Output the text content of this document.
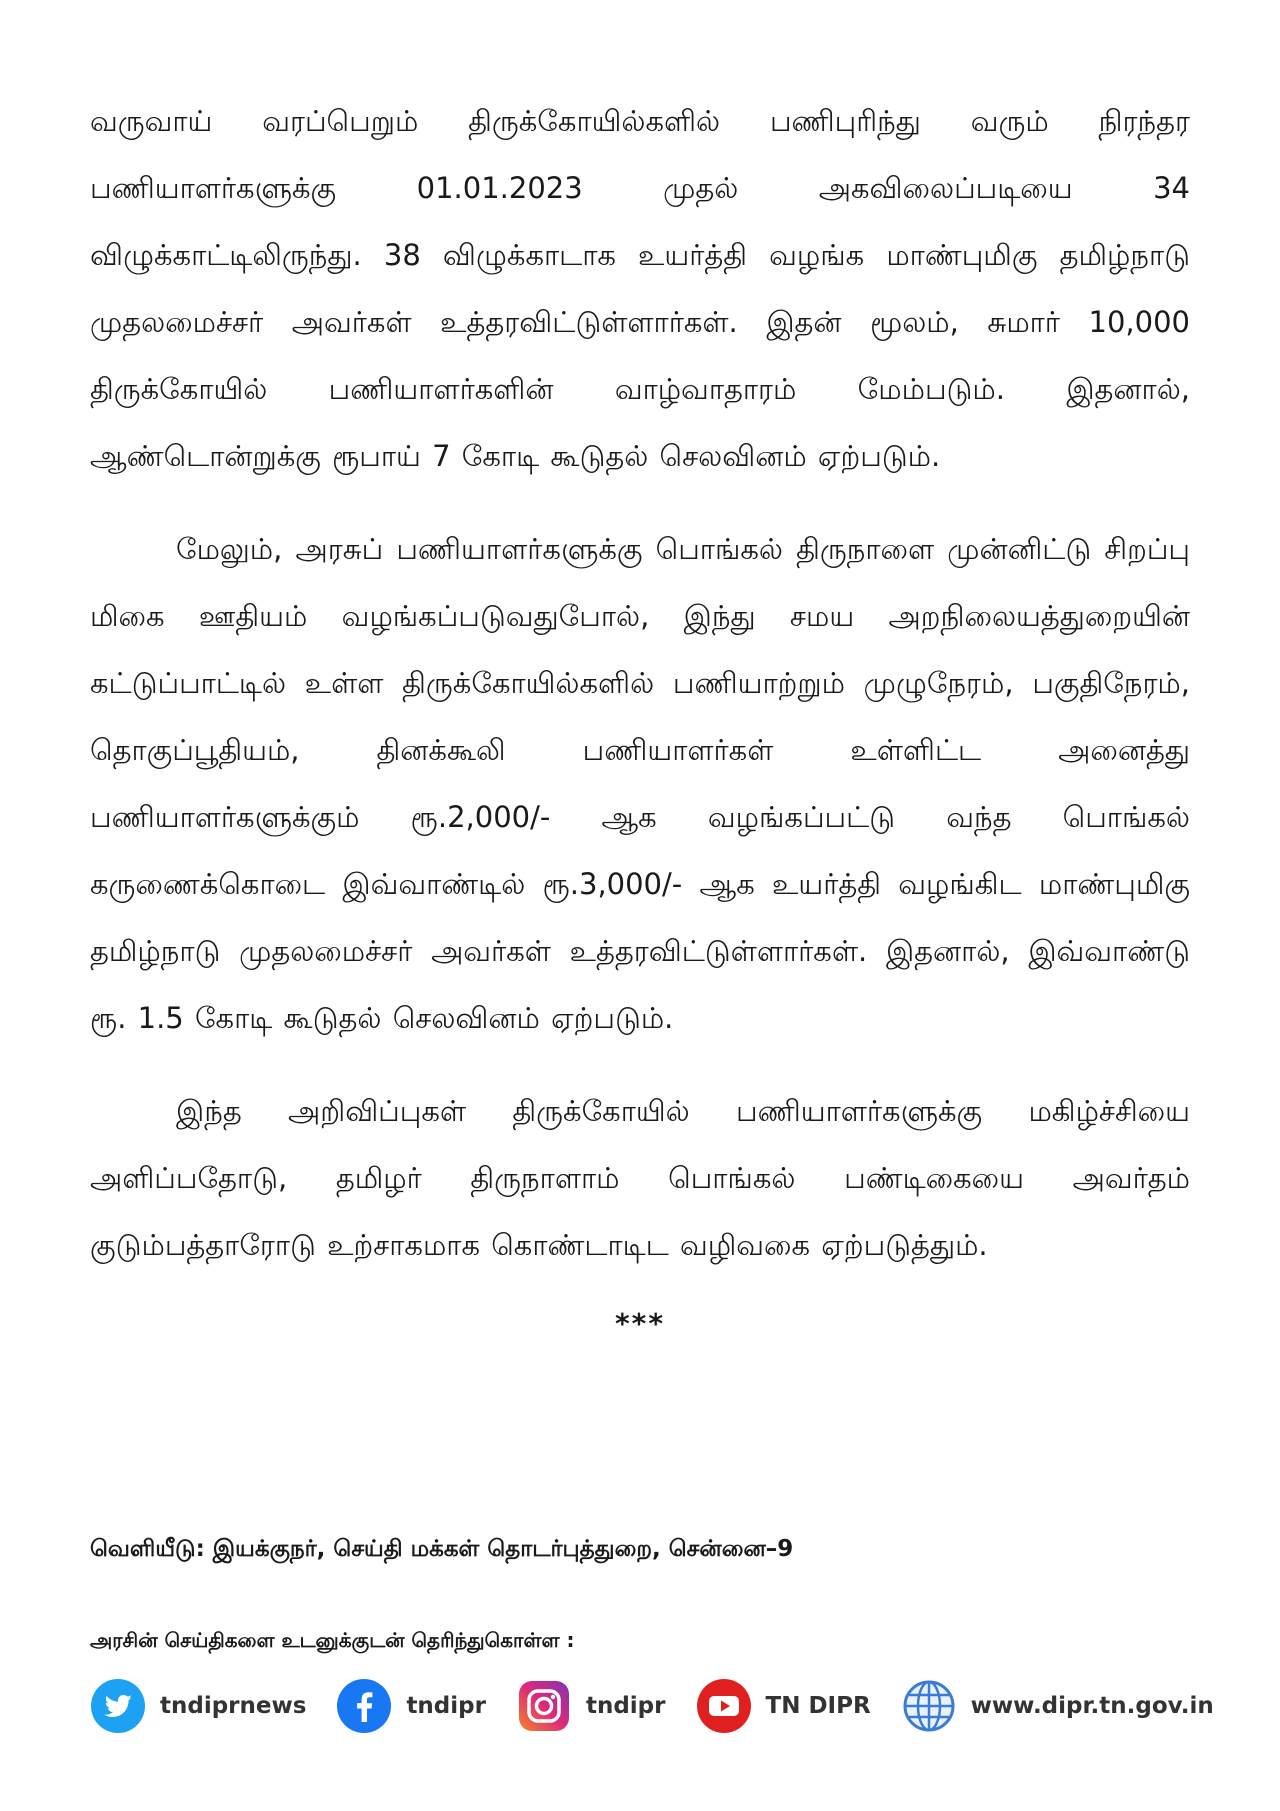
வருவாய் வரப்பெறும் திருக்கோயில்களில் பணிபுரிந்து வரும் நிரந்தர பணியாளர்களுக்கு 01.01.2023 முதல் அகவிலைப்படியை 34 விழுக்காட்டிலிருந்து. 38 விழுக்காடாக உயர்த்தி வழங்க மாண்புமிகு தமிழ்நாடு முதலமைச்சர் அவர்கள் உத்தரவிட்டுள்ளார்கள். இதன் மூலம், சுமார் 10,000 திருக்கோயில் பணியாளர்களின் வாழ்வாதாரம் மேம்படும். இதனால், ஆண்டொன்றுக்கு ரூபாய் 7 கோடி கூடுதல் செலவினம் ஏற்படும்.

மேலும், அரசுப் பணியாளர்களுக்கு பொங்கல் திருநாளை முன்னிட்டு சிறப்பு மிகை ஊதியம் வழங்கப்படுவதுபோல், இந்து சமய அறநிலையத்துறையின் கட்டுப்பாட்டில் உள்ள திருக்கோயில்களில் பணியாற்றும் முழுநேரம், பகுதிநேரம், தொகுப்பூதியம், தினக்கூலி பணியாளர்கள் உள்ளிட்ட அனைத்து பணியாளர்களுக்கும் ரூ.2,000/- ஆக வழங்கப்பட்டு வந்த பொங்கல் கருணைக்கொடை இவ்வாண்டில் ரூ.3,000/- ஆக உயர்த்தி வழங்கிட மாண்புமிகு தமிழ்நாடு முதலமைச்சர் அவர்கள் உத்தரவிட்டுள்ளார்கள். இதனால், இவ்வாண்டு ரூ. 1.5 கோடி கூடுதல் செலவினம் ஏற்படும்.

இந்த அறிவிப்புகள் திருக்கோயில் பணியாளர்களுக்கு மகிழ்ச்சியை அளிப்பதோடு, தமிழர் திருநாளாம் பொங்கல் பண்டிகையை அவர்தம் குடும்பத்தாரோடு உற்சாகமாக கொண்டாடிட வழிவகை ஏற்படுத்தும்.

***
வெளியீடு: இயக்குநர், செய்தி மக்கள் தொடர்புத்துறை, சென்னை–9
அரசின் செய்திகளை உடனுக்குடன் தெரிந்துகொள்ள :
tndiprnews	tndipr	tndipr	TN DIPR	www.dipr.tn.gov.in
